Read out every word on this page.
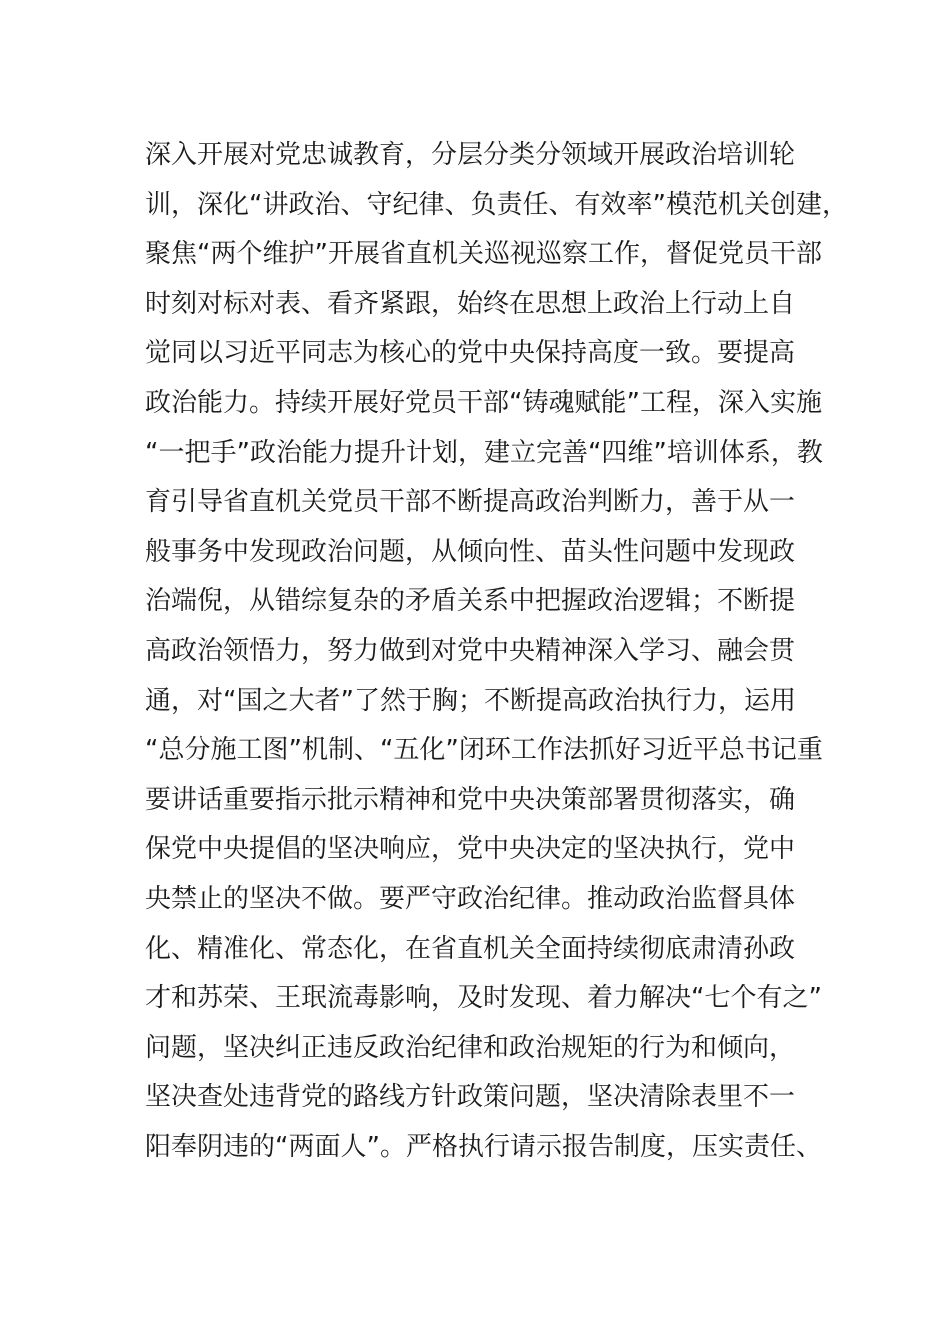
深入开展对党忠诚教育，分层分类分领域开展政治培训轮
训，深化“讲政治、守纪律、负责任、有效率”模范机关创建，
聚焦“两个维护”开展省直机关巡视巡察工作，督促党员干部
时刻对标对表、看齐紧跟，始终在思想上政治上行动上自
觉同以习近平同志为核心的党中央保持高度一致。要提高
政治能力。持续开展好党员干部“铸魂赋能”工程，深入实施
“一把手”政治能力提升计划，建立完善“四维”培训体系，教
育引导省直机关党员干部不断提高政治判断力，善于从一
般事务中发现政治问题，从倾向性、苗头性问题中发现政
治端倪，从错综复杂的矛盾关系中把握政治逻辑；不断提
高政治领悟力，努力做到对党中央精神深入学习、融会贯
通，对“国之大者”了然于胸；不断提高政治执行力，运用
“总分施工图”机制、“五化”闭环工作法抓好习近平总书记重
要讲话重要指示批示精神和党中央决策部署贯彻落实，确
保党中央提倡的坚决响应，党中央决定的坚决执行，党中
央禁止的坚决不做。要严守政治纪律。推动政治监督具体
化、精准化、常态化，在省直机关全面持续彻底肃清孙政
才和苏荣、王珉流毒影响，及时发现、着力解决“七个有之”
问题，坚决纠正违反政治纪律和政治规矩的行为和倾向，
坚决查处违背党的路线方针政策问题，坚决清除表里不一
阳奉阴违的“两面人”。严格执行请示报告制度，压实责任、
